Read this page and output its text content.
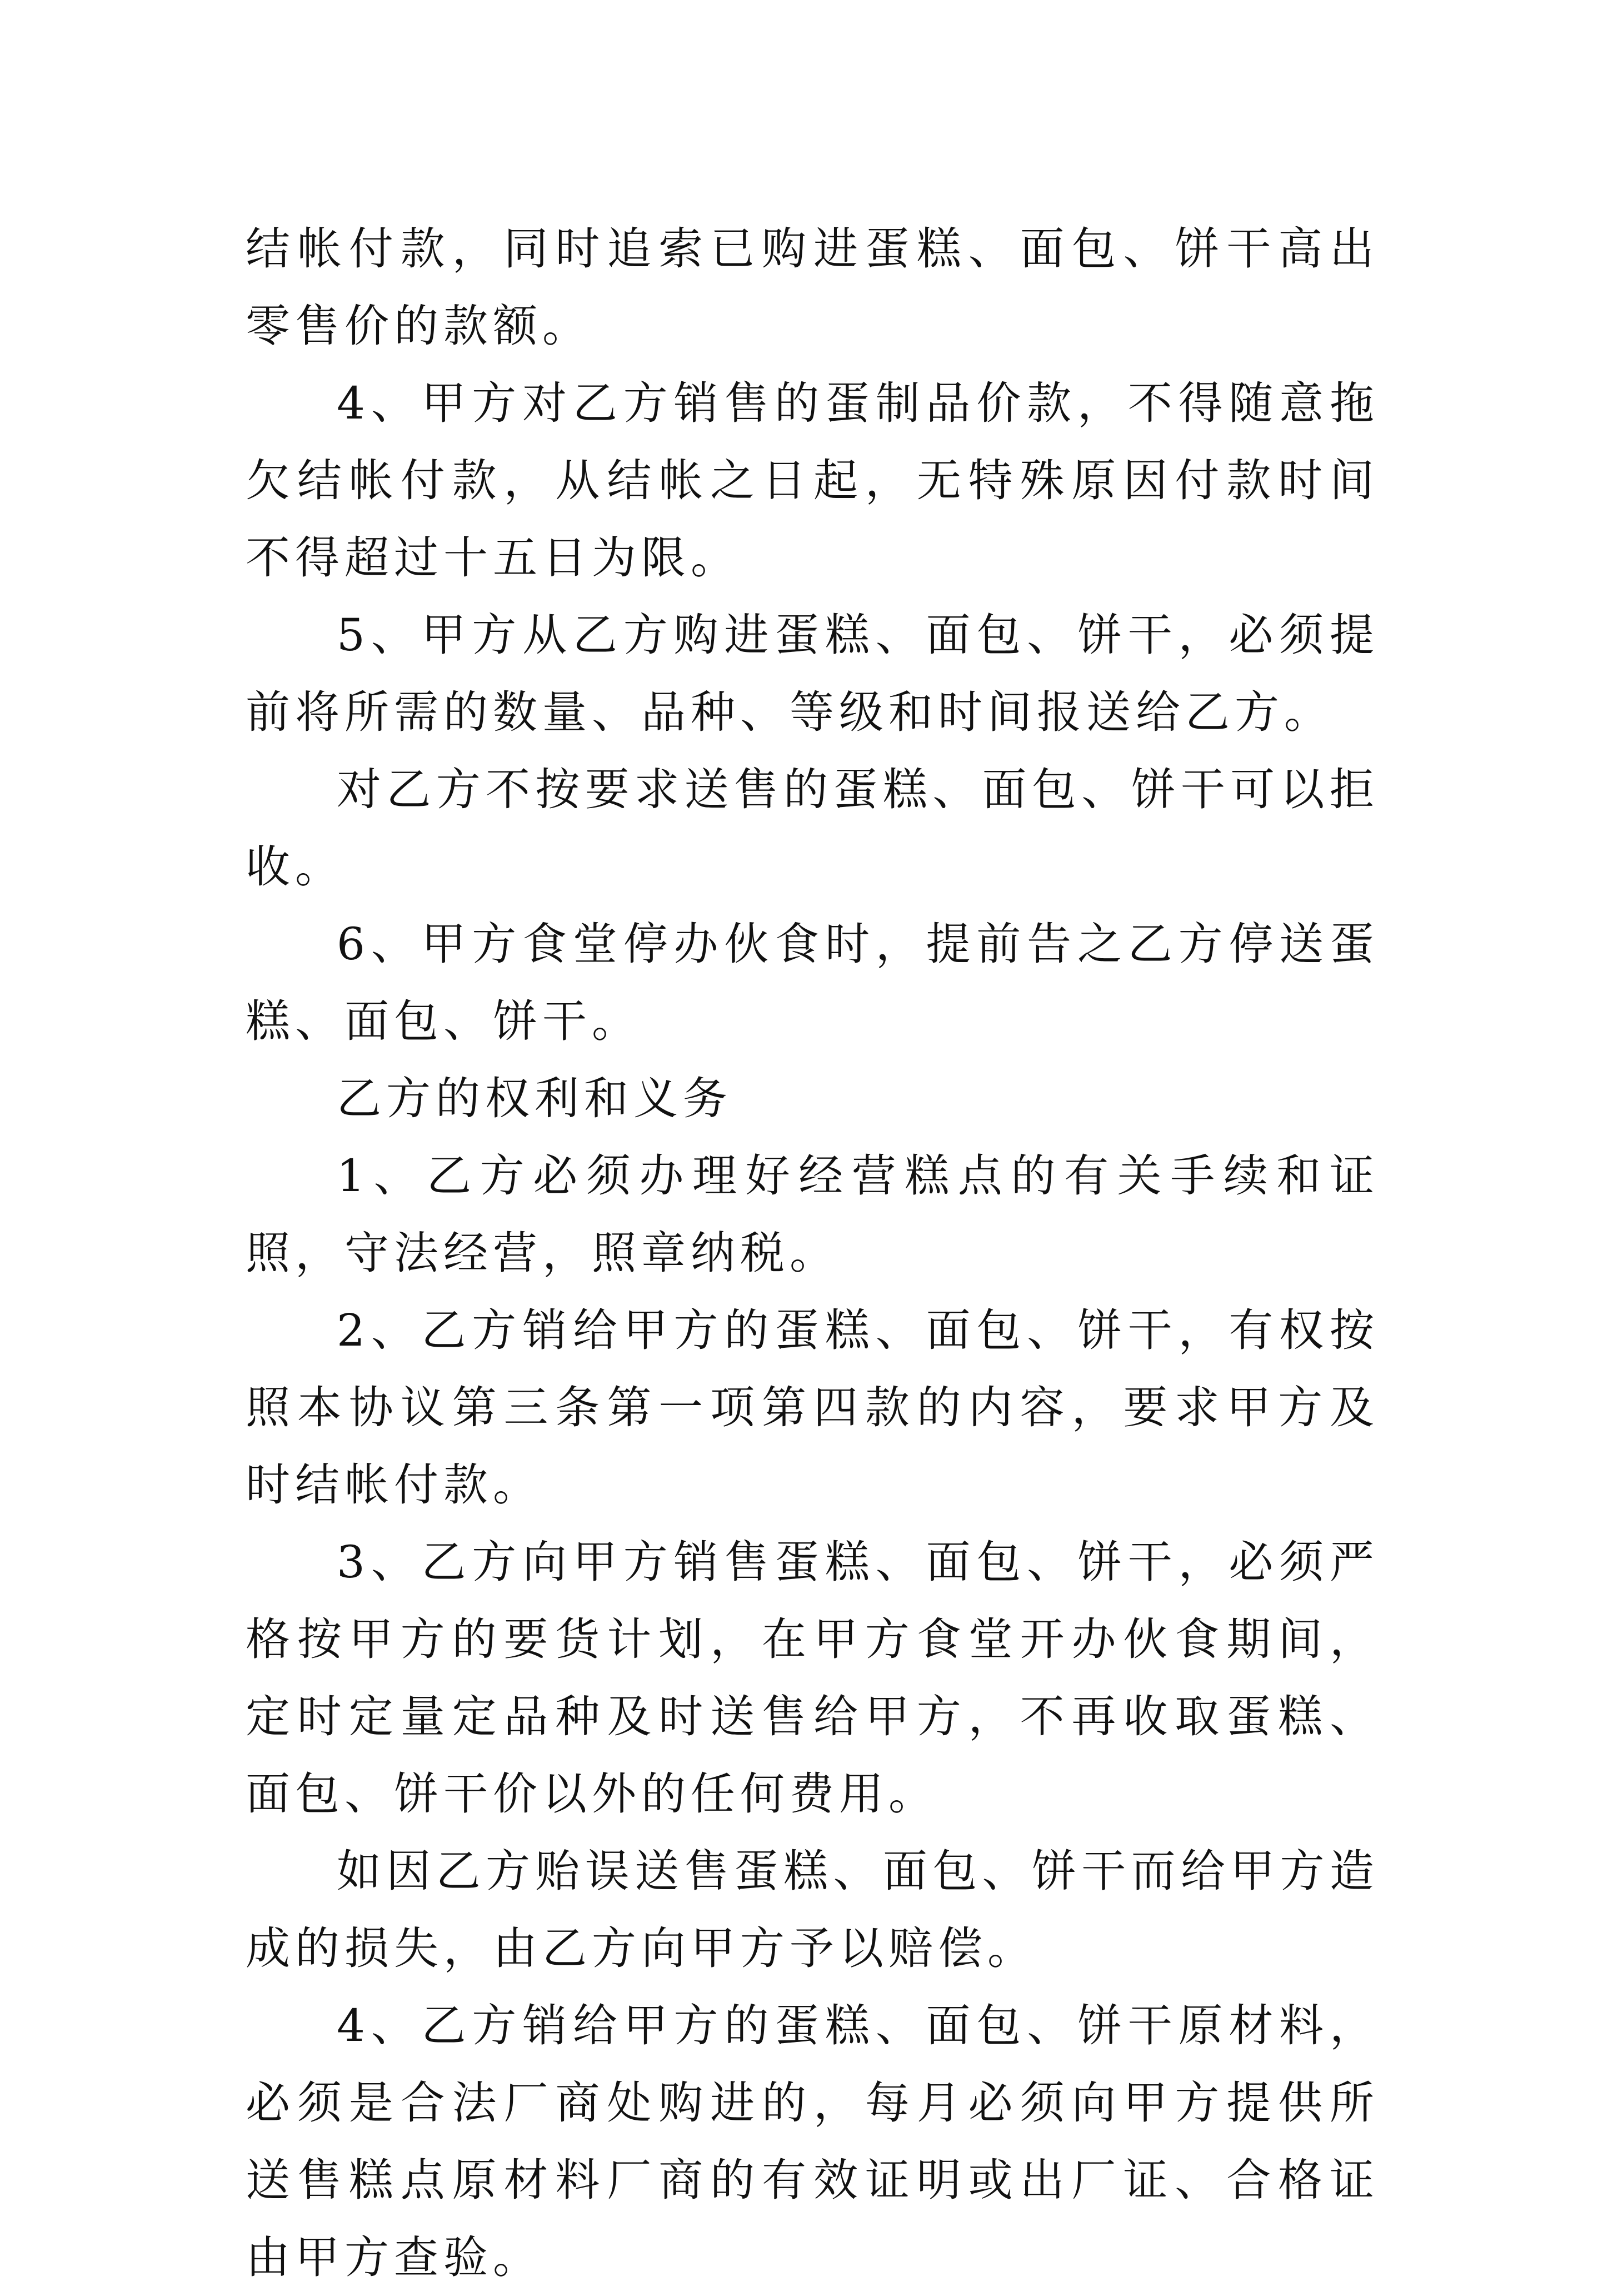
结帐付款，同时追索已购进蛋糕、面包、饼干高出零售价的款额。

4、甲方对乙方销售的蛋制品价款，不得随意拖欠结帐付款，从结帐之日起，无特殊原因付款时间不得超过十五日为限。

5、甲方从乙方购进蛋糕、面包、饼干，必须提前将所需的数量、品种、等级和时间报送给乙方。

对乙方不按要求送售的蛋糕、面包、饼干可以拒收。

6、甲方食堂停办伙食时，提前告之乙方停送蛋糕、面包、饼干。

乙方的权利和义务

1、乙方必须办理好经营糕点的有关手续和证照，守法经营，照章纳税。

2、乙方销给甲方的蛋糕、面包、饼干，有权按照本协议第三条第一项第四款的内容，要求甲方及时结帐付款。

3、乙方向甲方销售蛋糕、面包、饼干，必须严格按甲方的要货计划，在甲方食堂开办伙食期间，定时定量定品种及时送售给甲方，不再收取蛋糕、面包、饼干价以外的任何费用。

如因乙方贻误送售蛋糕、面包、饼干而给甲方造成的损失，由乙方向甲方予以赔偿。

4、乙方销给甲方的蛋糕、面包、饼干原材料，必须是合法厂商处购进的，每月必须向甲方提供所送售糕点原材料厂商的有效证明或出厂证、合格证由甲方查验。
